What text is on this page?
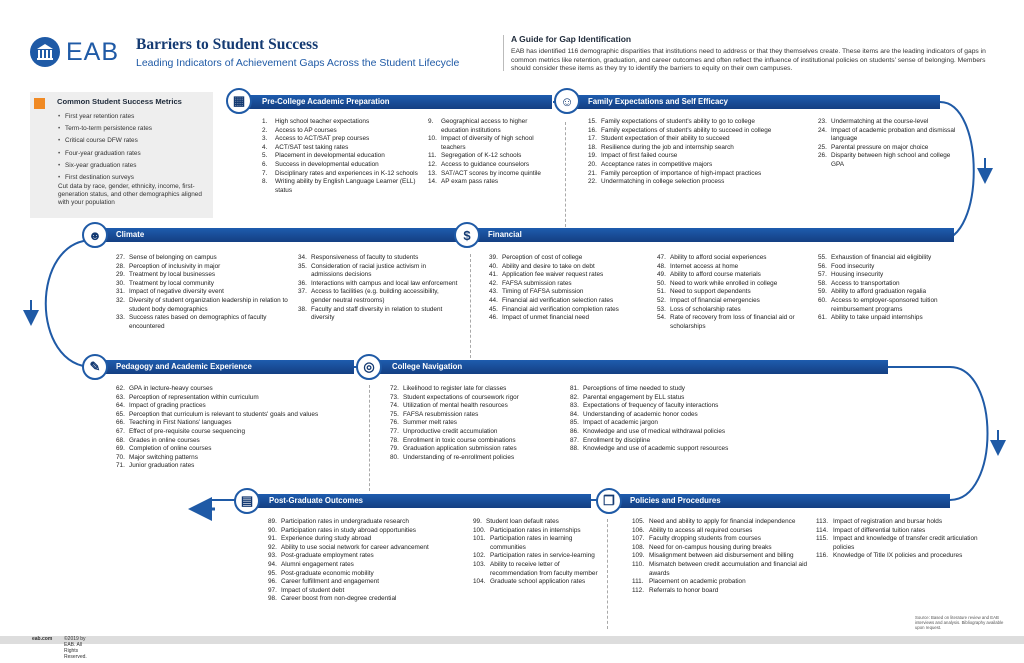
EAB Barriers to Student Success
Leading Indicators of Achievement Gaps Across the Student Lifecycle
A Guide for Gap Identification

EAB has identified 116 demographic disparities that institutions need to address or that they themselves create. These items are the leading indicators of gaps in common metrics like retention, graduation, and career outcomes and often reflect the influence of institutional policies on students' sense of belonging. Members should consider these items as they try to identify the barriers to equity on their own campuses.

Common Student Success Metrics
• First year retention rates
• Term-to-term persistence rates
• Critical course DFW rates
• Four-year graduation rates
• Six-year graduation rates
• First destination surveys
Cut data by race, gender, ethnicity, income, first-generation status, and other demographics aligned with your population
Pre-College Academic Preparation
▦	Family Expectations and Self Efficacy
☺
Climate
☻	Financial
$
Pedagogy and Academic Experience
✎	College Navigation
◎
Post-Graduate Outcomes
▤	Policies and Procedures
❐
1.	High school teacher expectations
2.	Access to AP courses
3.	Access to ACT/SAT prep courses
4.	ACT/SAT test taking rates
5.	Placement in developmental education
6.	Success in developmental education
7.	Disciplinary rates and experiences in K-12 schools
8.	Writing ability by English Language Learner (ELL) status
9.	Geographical access to higher education institutions
10. Impact of diversity of high school teachers
11. Segregation of K-12 schools
12. Access to guidance counselors
13. SAT/ACT scores by income quintile
14. AP exam pass rates
15. Family expectations of student's ability to go to college
16. Family expectations of student's ability to succeed in college
17. Student expectation of their ability to succeed
18. Resilience during the job and internship search
19. Impact of first failed course
20. Acceptance rates in competitive majors
21. Family perception of importance of high-impact practices
22. Undermatching in college selection process
23. Undermatching at the course-level
24. Impact of academic probation and dismissal language
25. Parental pressure on major choice
26. Disparity between high school and college GPA
27. Sense of belonging on campus
28. Perception of inclusivity in major
29. Treatment by local businesses
30. Treatment by local community
31. Impact of negative diversity event
32. Diversity of student organization leadership in relation to student body demographics
33. Success rates based on demographics of faculty encountered
34. Responsiveness of faculty to students
35. Consideration of racial justice activism in admissions decisions
36. Interactions with campus and local law enforcement
37. Access to facilities (e.g. building accessibility, gender neutral restrooms)
38. Faculty and staff diversity in relation to student diversity
39. Perception of cost of college
40. Ability and desire to take on debt
41. Application fee waiver request rates
42. FAFSA submission rates
43. Timing of FAFSA submission
44. Financial aid verification selection rates
45. Financial aid verification completion rates
46. Impact of unmet financial need
47. Ability to afford social experiences
48. Internet access at home
49. Ability to afford course materials
50. Need to work while enrolled in college
51. Need to support dependents
52. Impact of financial emergencies
53. Loss of scholarship rates
54. Rate of recovery from loss of financial aid or scholarships
55. Exhaustion of financial aid eligibility
56. Food insecurity
57. Housing insecurity
58. Access to transportation
59. Ability to afford graduation regalia
60. Access to employer-sponsored tuition reimbursement programs
61. Ability to take unpaid internships
62. GPA in lecture-heavy courses
63. Perception of representation within curriculum
64. Impact of grading practices
65. Perception that curriculum is relevant to students' goals and values
66. Teaching in First Nations' languages
67. Effect of pre-requisite course sequencing
68. Grades in online courses
69. Completion of online courses
70. Major switching patterns
71. Junior graduation rates
72. Likelihood to register late for classes
73. Student expectations of coursework rigor
74. Utilization of mental health resources
75. FAFSA resubmission rates
76. Summer melt rates
77. Unproductive credit accumulation
78. Enrollment in toxic course combinations
79. Graduation application submission rates
80. Understanding of re-enrollment policies
81. Perceptions of time needed to study
82. Parental engagement by ELL status
83. Expectations of frequency of faculty interactions
84. Understanding of academic honor codes
85. Impact of academic jargon
86. Knowledge and use of medical withdrawal policies
87. Enrollment by discipline
88. Knowledge and use of academic support resources
89. Participation rates in undergraduate research
90. Participation rates in study abroad opportunities
91. Experience during study abroad
92. Ability to use social network for career advancement
93. Post-graduate employment rates
94. Alumni engagement rates
95. Post-graduate economic mobility
96. Career fulfillment and engagement
97. Impact of student debt
98. Career boost from non-degree credential
99. Student loan default rates
100. Participation rates in internships
101. Participation rates in learning communities
102. Participation rates in service-learning
103. Ability to receive letter of recommendation from faculty member
104. Graduate school application rates
105. Need and ability to apply for financial independence
106. Ability to access all required courses
107. Faculty dropping students from courses
108. Need for on-campus housing during breaks
109. Misalignment between aid disbursement and billing
110. Mismatch between credit accumulation and financial aid awards
111. Placement on academic probation
112. Referrals to honor board
113. Impact of registration and bursar holds
114. Impact of differential tuition rates
115. Impact and knowledge of transfer credit articulation policies
116. Knowledge of Title IX policies and procedures
Source: Based on literature review and EAB interviews and analysis. Bibliography available upon request.
©2019 by EAB. All Rights Reserved.
eab.com
